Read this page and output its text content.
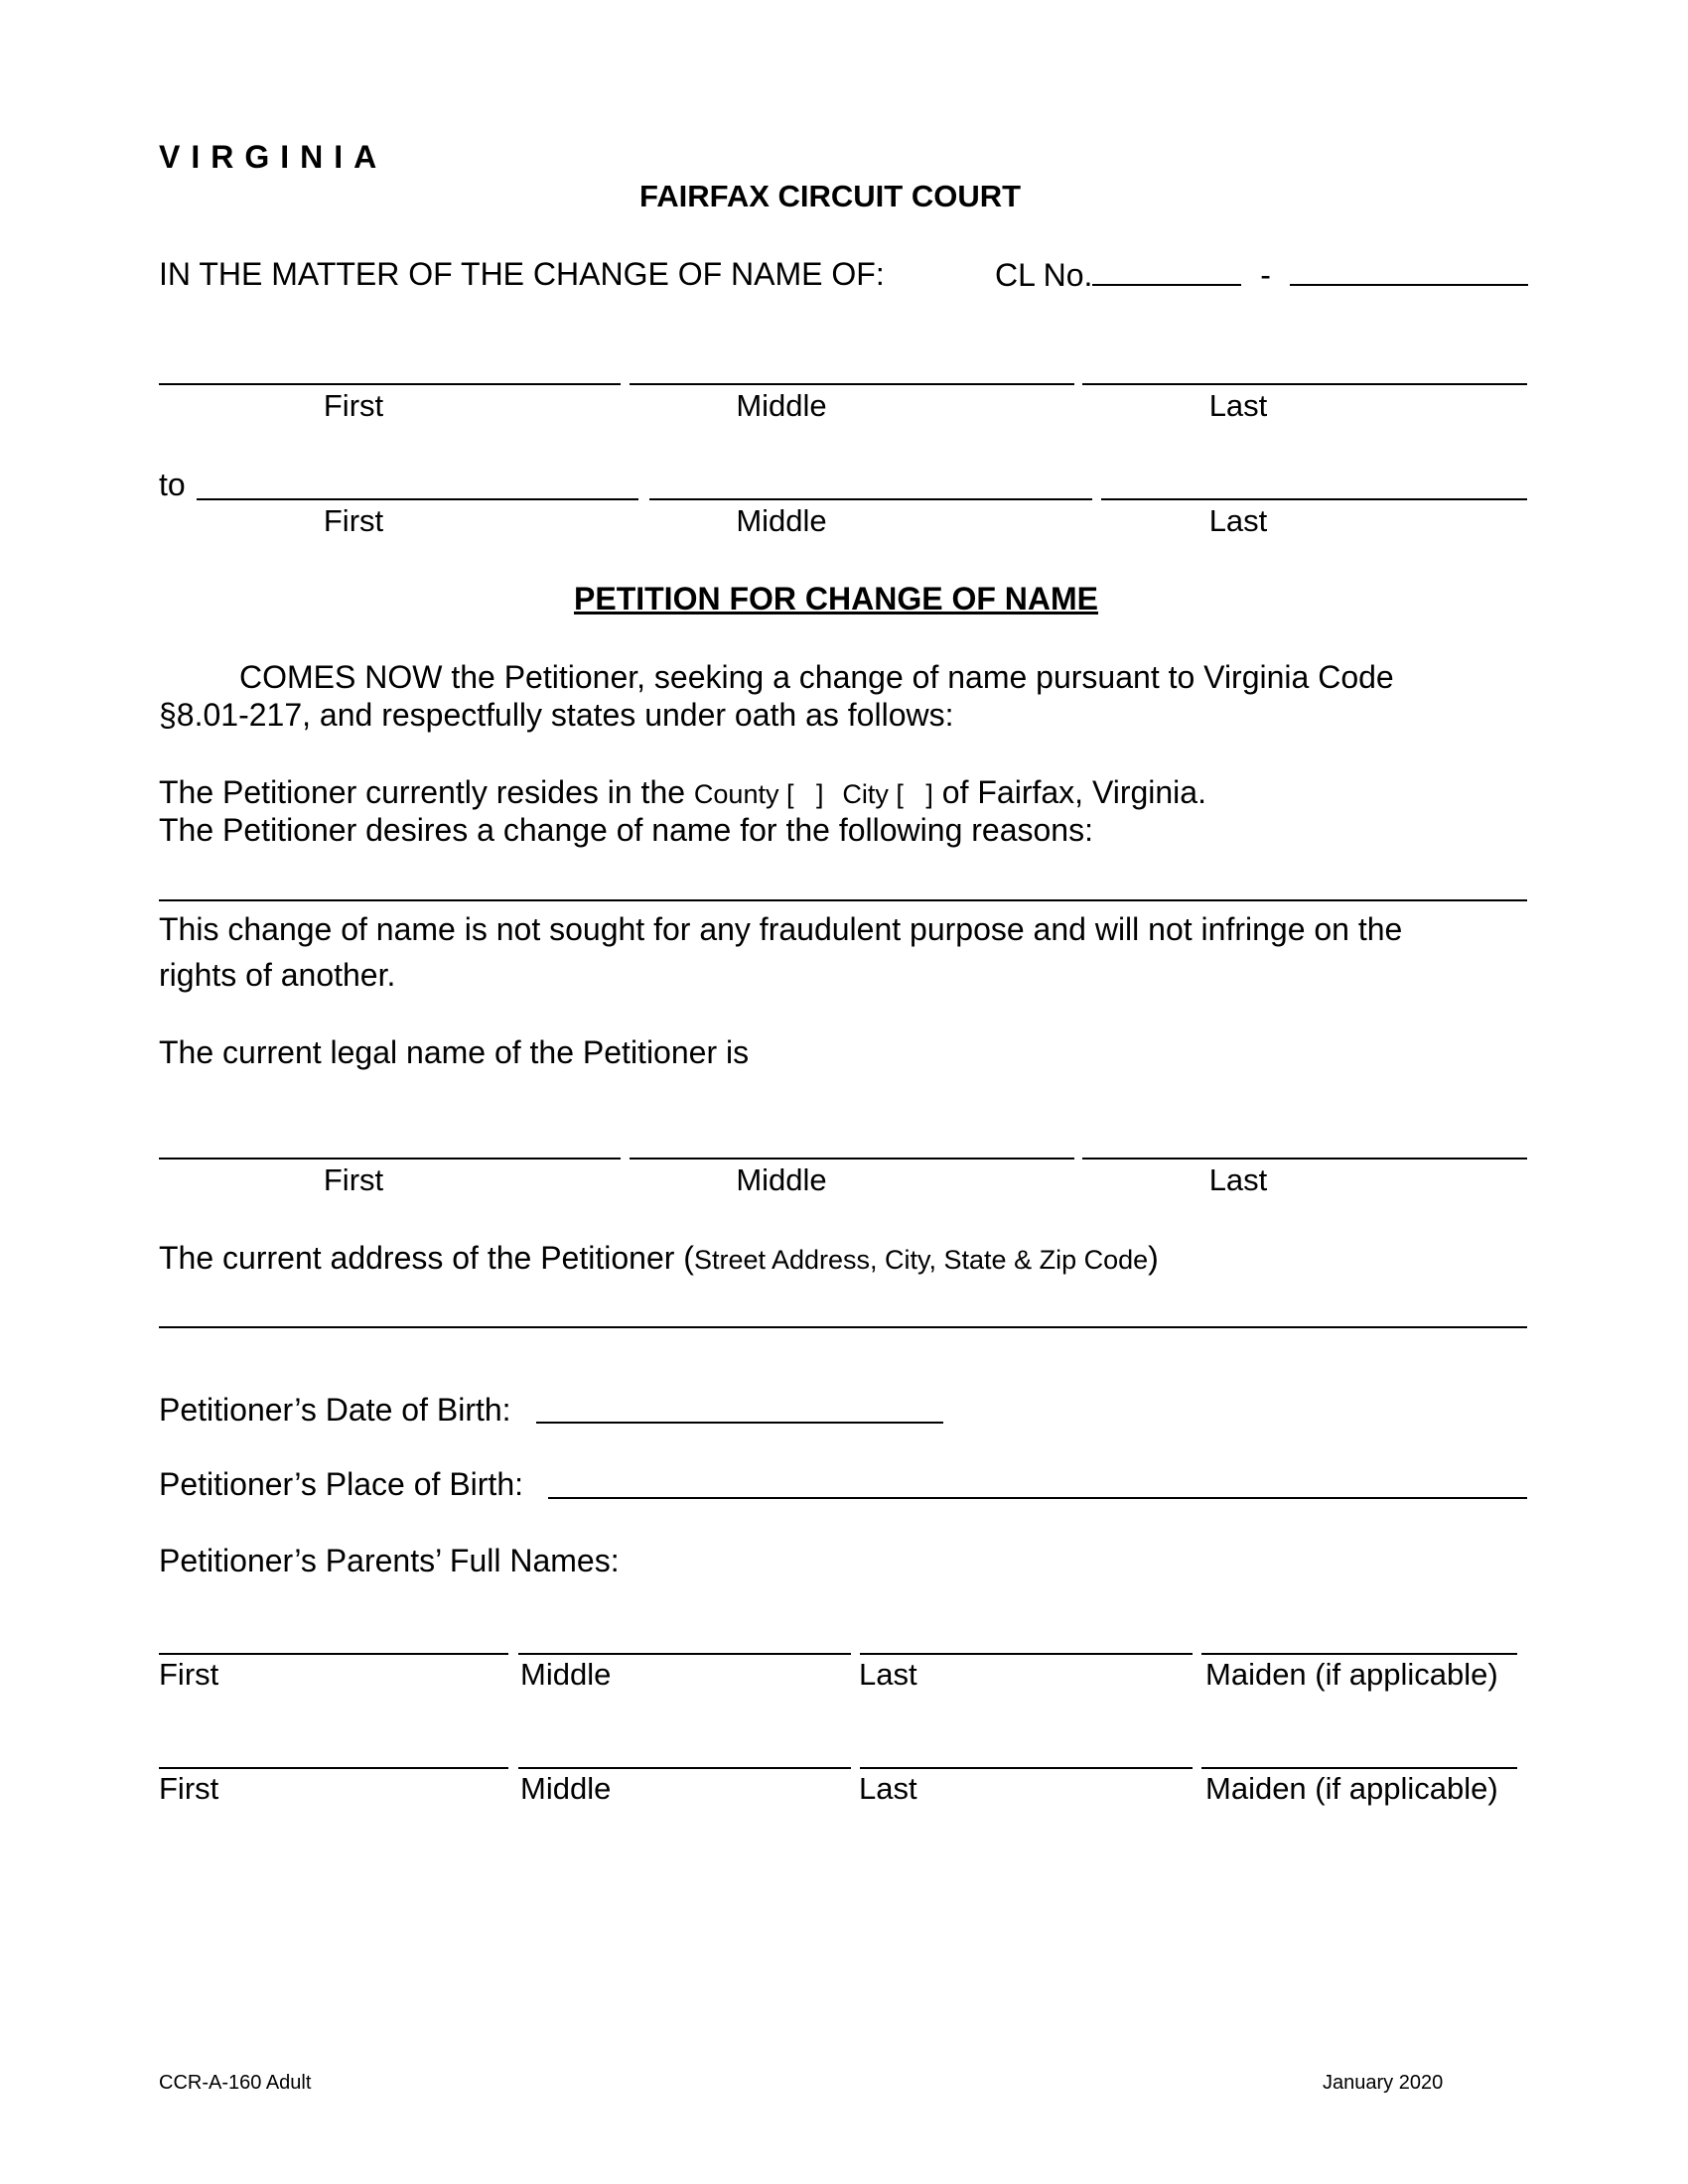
VIRGINIA
FAIRFAX CIRCUIT COURT
IN THE MATTER OF THE CHANGE OF NAME OF:	CL No.	-
First	Middle	Last
to
First	Middle	Last
PETITION FOR CHANGE OF NAME
COMES NOW the Petitioner, seeking a change of name pursuant to Virginia Code
§8.01-217, and respectfully states under oath as follows:
The Petitioner currently resides in the County [   ] City [   ] of Fairfax, Virginia.
The Petitioner desires a change of name for the following reasons:
This change of name is not sought for any fraudulent purpose and will not infringe on the
rights of another.
The current legal name of the Petitioner is
First	Middle	Last
The current address of the Petitioner (Street Address, City, State & Zip Code)
Petitioner’s Date of Birth:
Petitioner’s Place of Birth:
Petitioner’s Parents’ Full Names:
First	Middle	Last	Maiden (if applicable)
First	Middle	Last	Maiden (if applicable)
CCR-A-160 Adult	January 2020
